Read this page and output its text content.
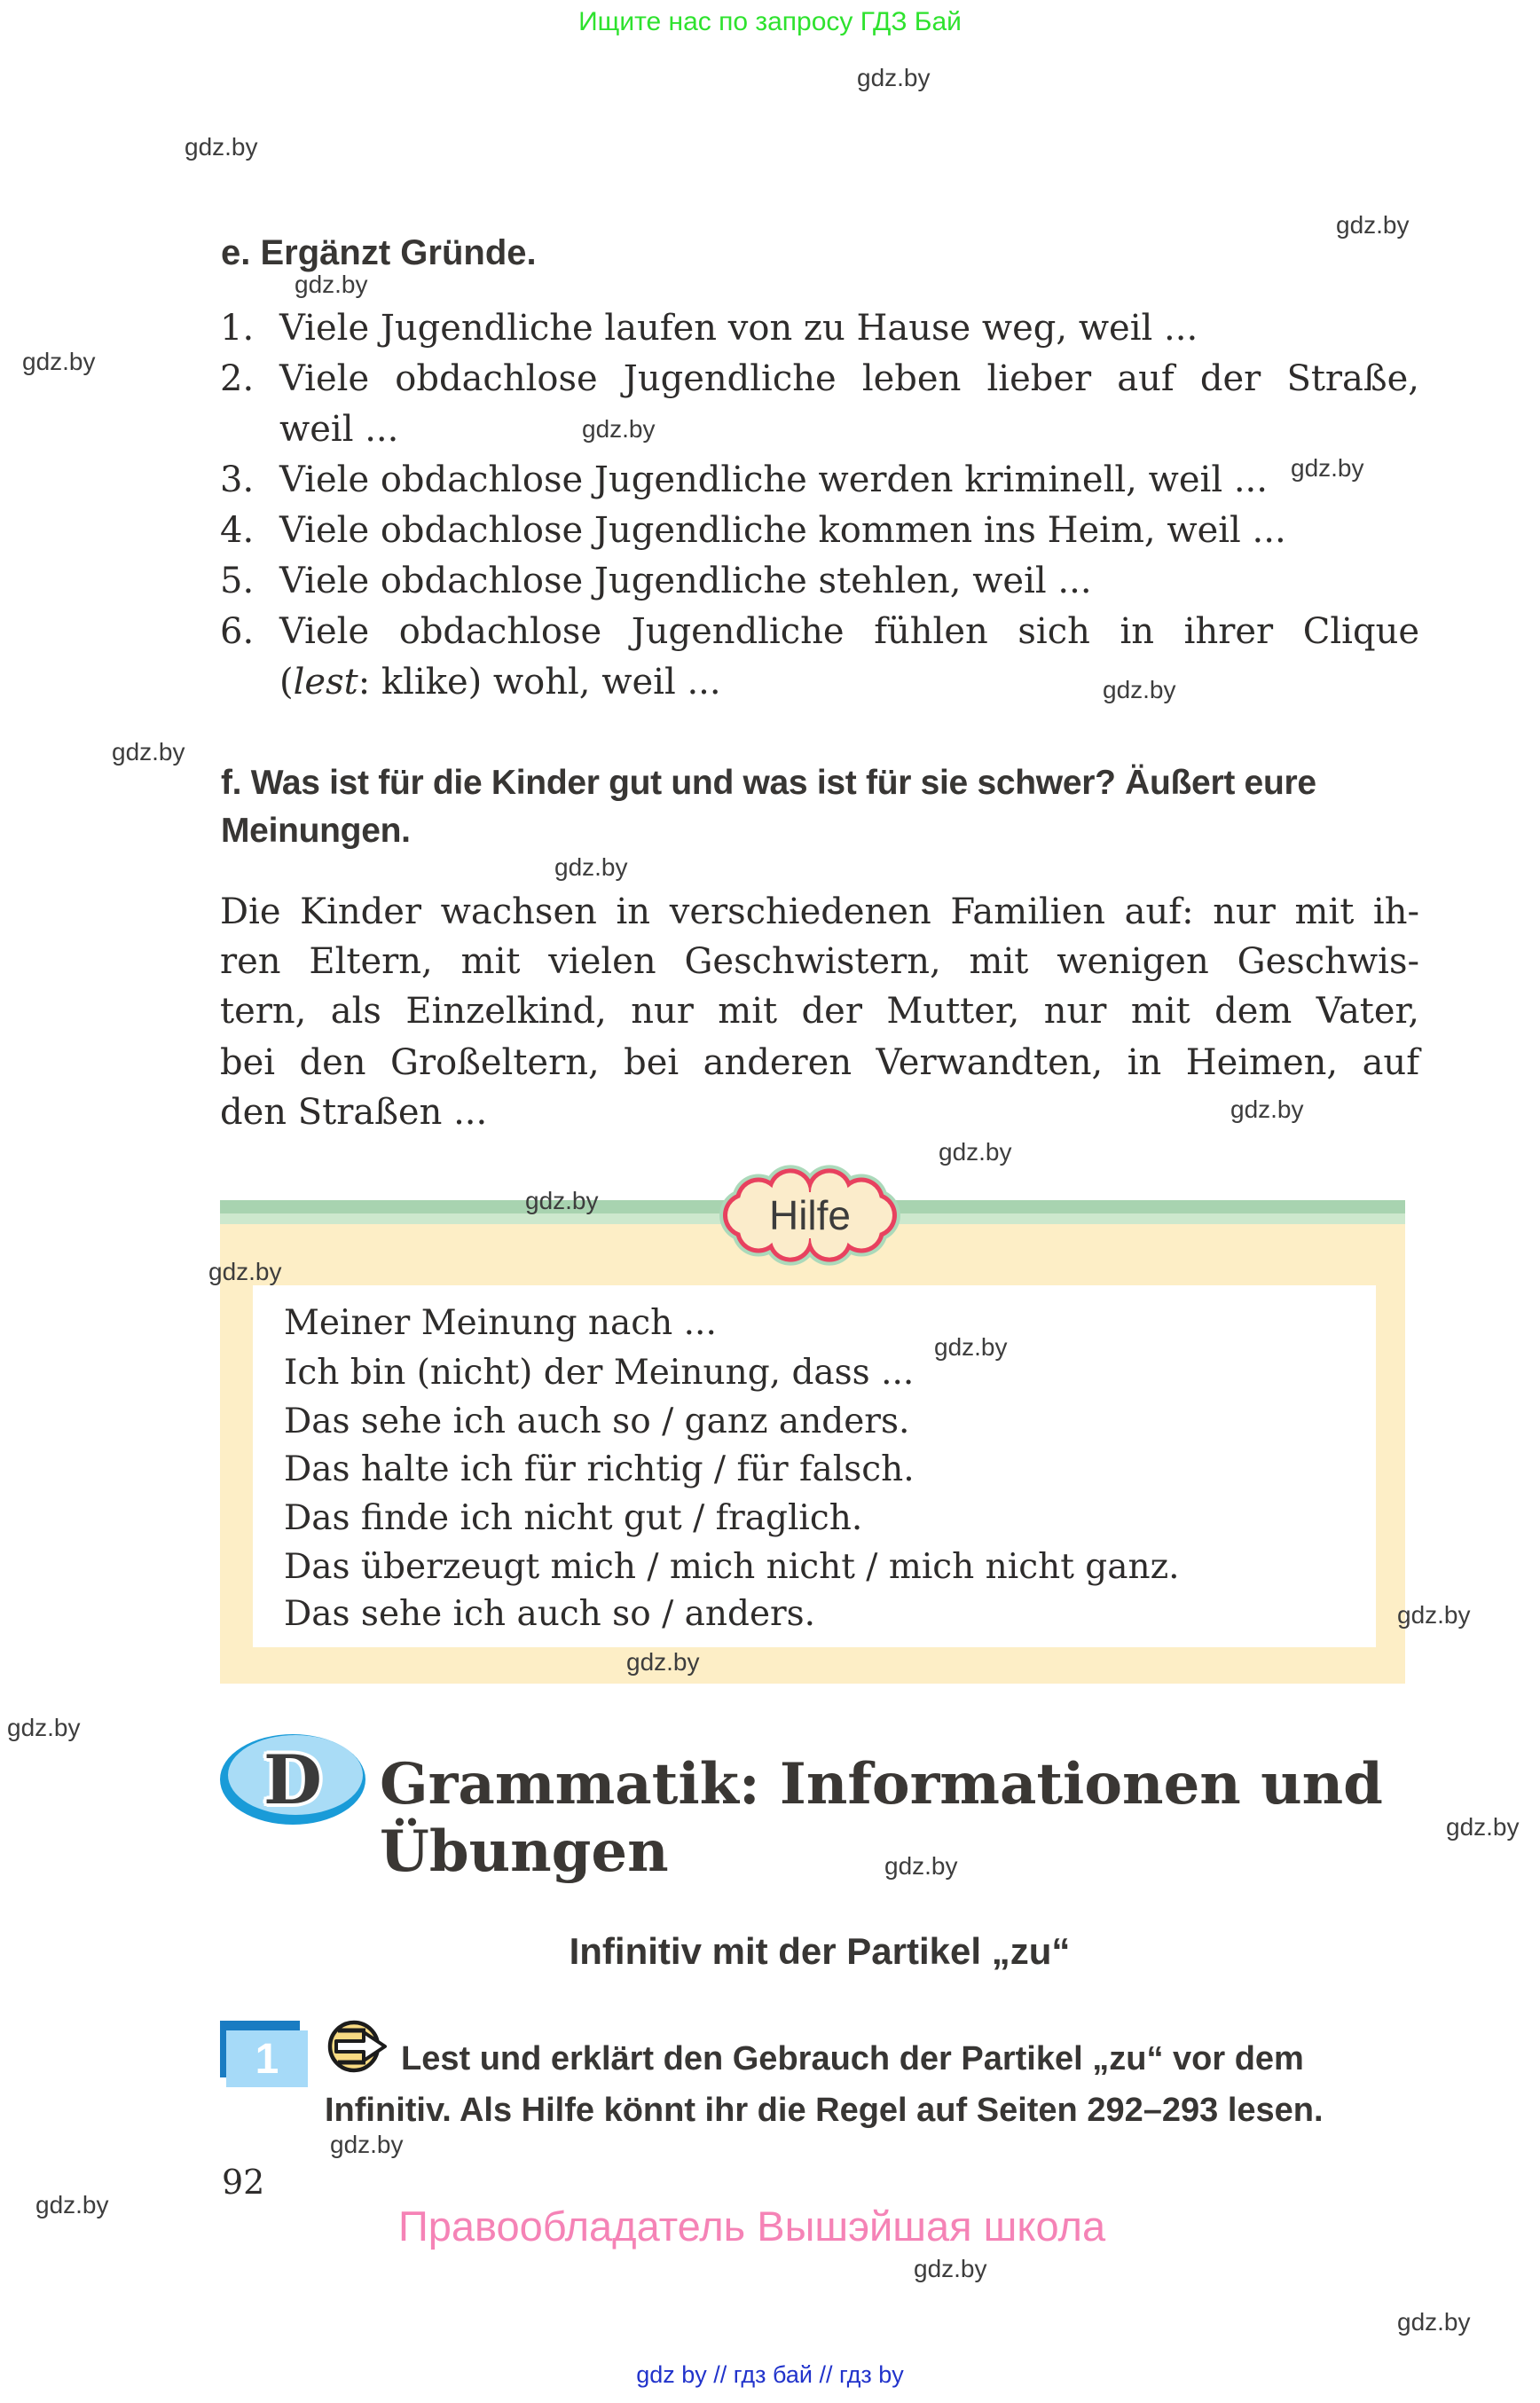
Ищите нас по запросу ГДЗ Бай
gdz.by
gdz.by
gdz.by
gdz.by
gdz.by
gdz.by
gdz.by
gdz.by
gdz.by
gdz.by
gdz.by
gdz.by
gdz.by
gdz.by
gdz.by
gdz.by
gdz.by
gdz.by
gdz.by
gdz.by
gdz.by
gdz.by
gdz.by
gdz.by
e. Ergänzt Gründe.
1. Viele Jugendliche laufen von zu Hause weg, weil ...
2. Viele obdachlose Jugendliche leben lieber auf der Straße,
weil ...
3. Viele obdachlose Jugendliche werden kriminell, weil ...
4. Viele obdachlose Jugendliche kommen ins Heim, weil ...
5. Viele obdachlose Jugendliche stehlen, weil ...
6. Viele obdachlose Jugendliche fühlen sich in ihrer Clique
(lest: klike) wohl, weil ...
f. Was ist für die Kinder gut und was ist für sie schwer? Äußert eure
Meinungen.
Die Kinder wachsen in verschiedenen Familien auf: nur mit ih-
ren Eltern, mit vielen Geschwistern, mit wenigen Geschwis-
tern, als Einzelkind, nur mit der Mutter, nur mit dem Vater,
bei den Großeltern, bei anderen Verwandten, in Heimen, auf
den Straßen ...
Hilfe
Meiner Meinung nach ...
Ich bin (nicht) der Meinung, dass ...
Das sehe ich auch so / ganz anders.
Das halte ich für richtig / für falsch.
Das finde ich nicht gut / fraglich.
Das überzeugt mich / mich nicht / mich nicht ganz.
Das sehe ich auch so / anders.
D	Grammatik: Informationen und
Übungen
Infinitiv mit der Partikel „zu“
1	Lest und erklärt den Gebrauch der Partikel „zu“ vor dem
Infinitiv. Als Hilfe könnt ihr die Regel auf Seiten 292–293 lesen.
92
Правообладатель Вышэйшая школа
gdz by // гдз бай // гдз by
